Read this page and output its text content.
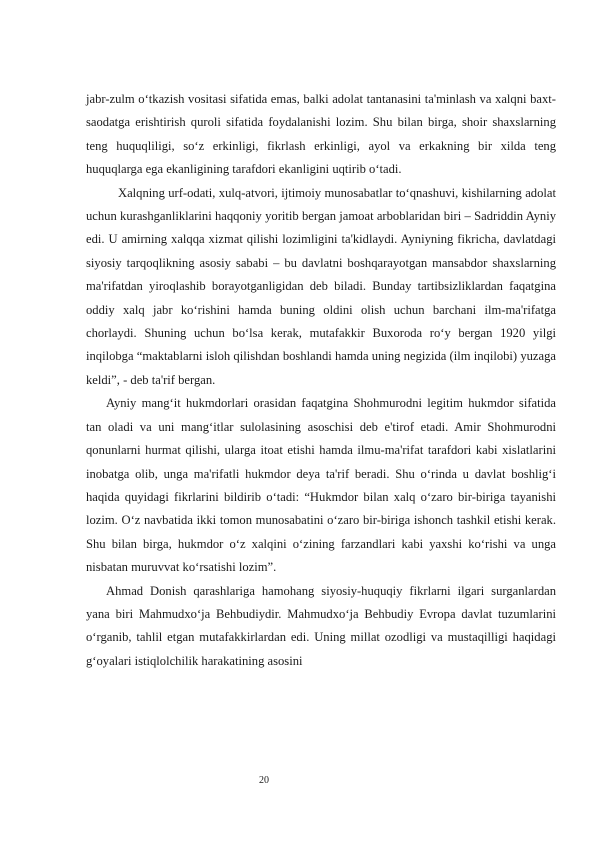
jabr-zulm oʻtkazish vositasi sifatida emas, balki adolat tantanasini ta'minlash va xalqni baxt-saodatga erishtirish quroli sifatida foydalanishi lozim. Shu bilan birga, shoir shaxslarning teng huquqliligi, soʻz erkinligi, fikrlash erkinligi, ayol va erkakning bir xilda teng huquqlarga ega ekanligining tarafdori ekanligini uqtirib oʻtadi.

Xalqning urf-odati, xulq-atvori, ijtimoiy munosabatlar toʻqnashuvi, kishilarning adolat uchun kurashganliklarini haqqoniy yoritib bergan jamoat arboblaridan biri – Sadriddin Ayniy edi. U amirning xalqqa xizmat qilishi lozimligini ta'kidlaydi. Ayniyning fikricha, davlatdagi siyosiy tarqoqlikning asosiy sababi – bu davlatni boshqarayotgan mansabdor shaxslarning ma'rifatdan yiroqlashib borayotganligidan deb biladi. Bunday tartibsizliklardan faqatgina oddiy xalq jabr koʻrishini hamda buning oldini olish uchun barchani ilm-ma'rifatga chorlaydi. Shuning uchun boʻlsa kerak, mutafakkir Buxoroda roʻy bergan 1920 yilgi inqilobga “maktablarni isloh qilishdan boshlandi hamda uning negizida (ilm inqilobi) yuzaga keldi”, - deb ta'rif bergan.

Ayniy mangʻit hukmdorlari orasidan faqatgina Shohmurodni legitim hukmdor sifatida tan oladi va uni mangʻitlar sulolasining asoschisi deb e'tirof etadi. Amir Shohmurodni qonunlarni hurmat qilishi, ularga itoat etishi hamda ilmu-ma'rifat tarafdori kabi xislatlarini inobatga olib, unga ma'rifatli hukmdor deya ta'rif beradi. Shu oʻrinda u davlat boshligʻi haqida quyidagi fikrlarini bildirib oʻtadi: “Hukmdor bilan xalq oʻzaro bir-biriga tayanishi lozim. Oʻz navbatida ikki tomon munosabatini oʻzaro bir-biriga ishonch tashkil etishi kerak. Shu bilan birga, hukmdor oʻz xalqini oʻzining farzandlari kabi yaxshi koʻrishi va unga nisbatan muruvvat koʻrsatishi lozim”.

Ahmad Donish qarashlariga hamohang siyosiy-huquqiy fikrlarni ilgari surganlardan yana biri Mahmudxoʻja Behbudiydir. Mahmudxoʻja Behbudiy Evropa davlat tuzumlarini oʻrganib, tahlil etgan mutafakkirlardan edi. Uning millat ozodligi va mustaqilligi haqidagi gʻoyalari istiqlolchilik harakatining asosini

20
